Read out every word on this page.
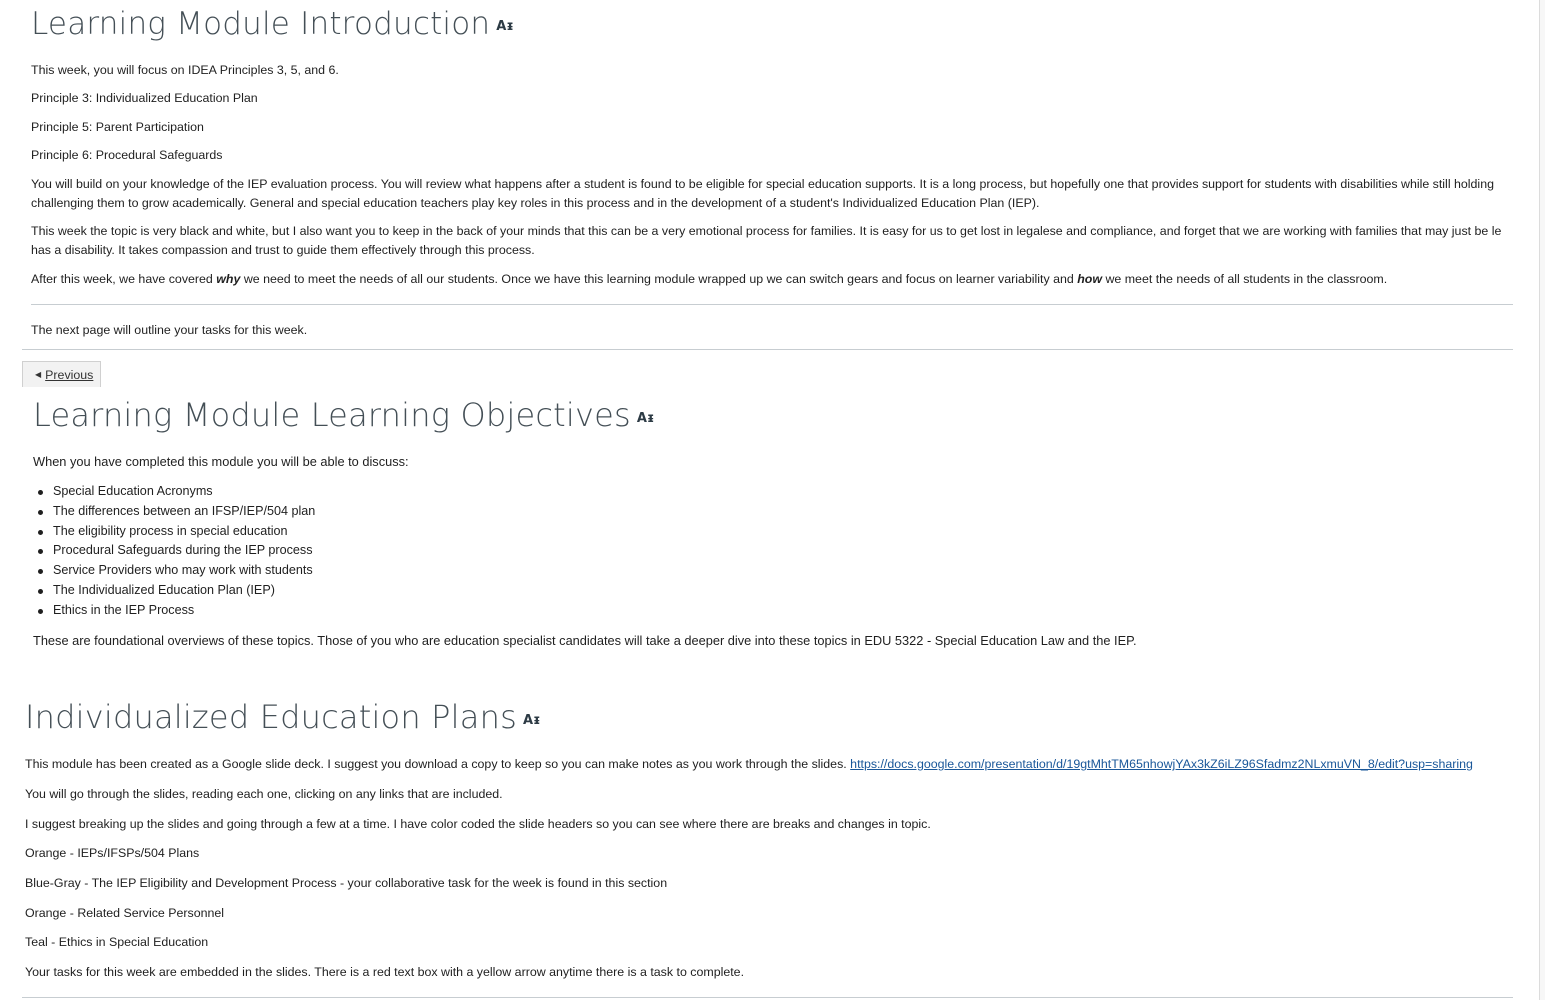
Learning Module Introduction Aᵻ

This week, you will focus on IDEA Principles 3, 5, and 6.

Principle 3: Individualized Education Plan

Principle 5: Parent Participation

Principle 6: Procedural Safeguards

You will build on your knowledge of the IEP evaluation process. You will review what happens after a student is found to be eligible for special education supports. It is a long process, but hopefully one that provides support for students with disabilities while still holding

challenging them to grow academically. General and special education teachers play key roles in this process and in the development of a student's Individualized Education Plan (IEP).

This week the topic is very black and white, but I also want you to keep in the back of your minds that this can be a very emotional process for families. It is easy for us to get lost in legalese and compliance, and forget that we are working with families that may just be le

has a disability. It takes compassion and trust to guide them effectively through this process.

After this week, we have covered why we need to meet the needs of all our students. Once we have this learning module wrapped up we can switch gears and focus on learner variability and how we meet the needs of all students in the classroom.

The next page will outline your tasks for this week.

◀ Previous
Learning Module Learning Objectives Aᵻ

When you have completed this module you will be able to discuss:

Special Education Acronyms
The differences between an IFSP/IEP/504 plan
The eligibility process in special education
Procedural Safeguards during the IEP process
Service Providers who may work with students
The Individualized Education Plan (IEP)
Ethics in the IEP Process

These are foundational overviews of these topics. Those of you who are education specialist candidates will take a deeper dive into these topics in EDU 5322 - Special Education Law and the IEP.

Individualized Education Plans Aᵻ

This module has been created as a Google slide deck. I suggest you download a copy to keep so you can make notes as you work through the slides. https://docs.google.com/presentation/d/19gtMhtTM65nhowjYAx3kZ6iLZ96Sfadmz2NLxmuVN_8/edit?usp=sharing

You will go through the slides, reading each one, clicking on any links that are included.

I suggest breaking up the slides and going through a few at a time. I have color coded the slide headers so you can see where there are breaks and changes in topic.

Orange - IEPs/IFSPs/504 Plans

Blue-Gray - The IEP Eligibility and Development Process - your collaborative task for the week is found in this section

Orange - Related Service Personnel

Teal - Ethics in Special Education

Your tasks for this week are embedded in the slides. There is a red text box with a yellow arrow anytime there is a task to complete.
